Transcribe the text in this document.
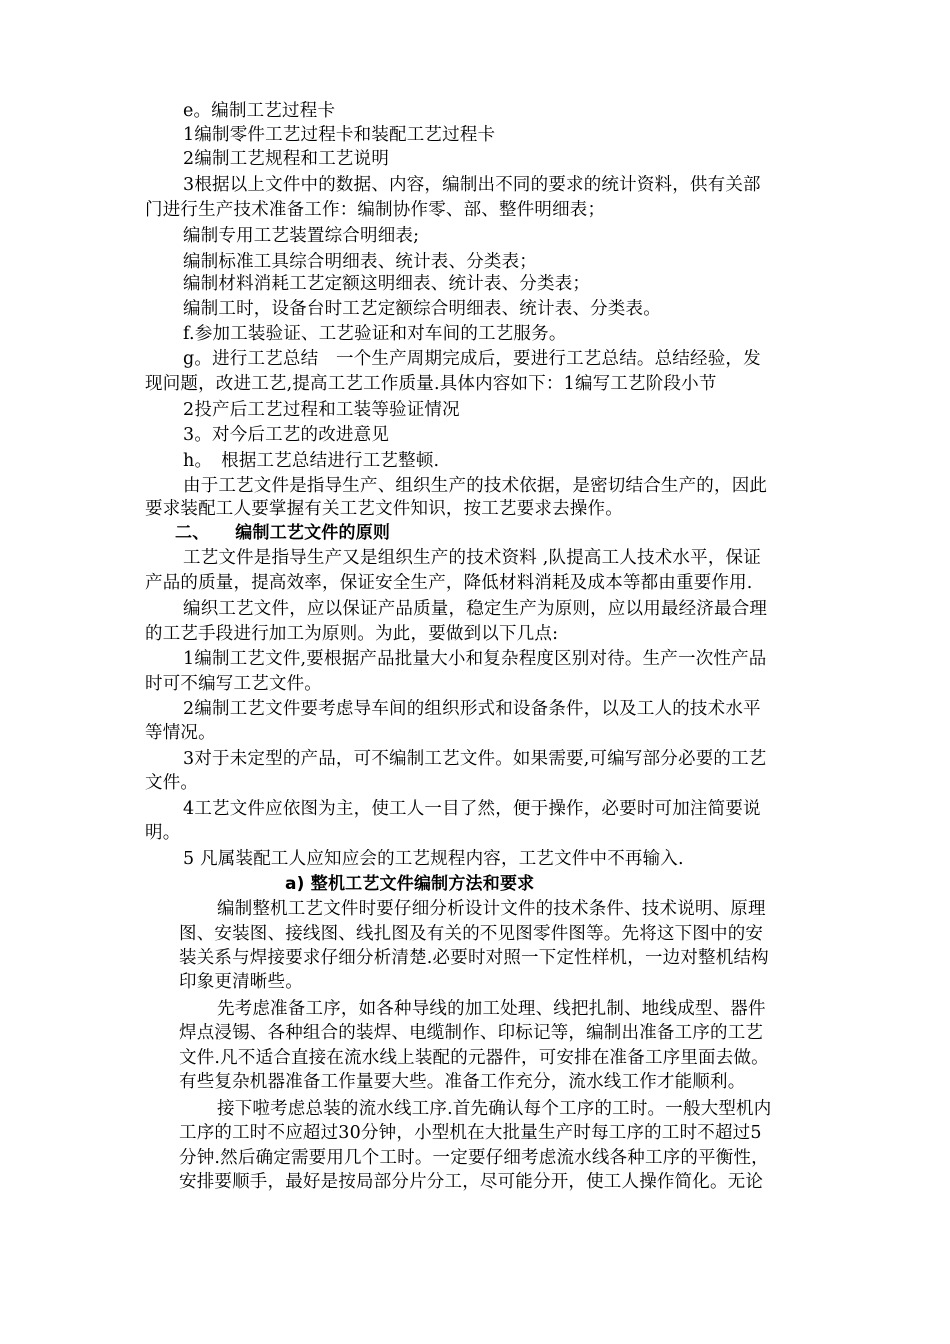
e。编制工艺过程卡
1编制零件工艺过程卡和装配工艺过程卡
2编制工艺规程和工艺说明
3根据以上文件中的数据、内容，编制出不同的要求的统计资料，供有关部
门进行生产技术准备工作：编制协作零、部、整件明细表；
编制专用工艺装置综合明细表;
编制标准工具综合明细表、统计表、分类表；
编制材料消耗工艺定额这明细表、统计表、分类表；
编制工时，设备台时工艺定额综合明细表、统计表、分类表。
f.参加工装验证、工艺验证和对车间的工艺服务。
g。进行工艺总结　一个生产周期完成后，要进行工艺总结。总结经验，发
现问题，改进工艺,提高工艺工作质量.具体内容如下：1编写工艺阶段小节
2投产后工艺过程和工装等验证情况
3。对今后工艺的改进意见
h。　根据工艺总结进行工艺整顿.
由于工艺文件是指导生产、组织生产的技术依据，是密切结合生产的，因此
要求装配工人要掌握有关工艺文件知识，按工艺要求去操作。
二、　　编制工艺文件的原则
工艺文件是指导生产又是组织生产的技术资料 ,队提高工人技术水平，保证
产品的质量，提高效率，保证安全生产，降低材料消耗及成本等都由重要作用.
编织工艺文件，应以保证产品质量，稳定生产为原则，应以用最经济最合理
的工艺手段进行加工为原则。为此，要做到以下几点:
1编制工艺文件,要根据产品批量大小和复杂程度区别对待。生产一次性产品
时可不编写工艺文件。
2编制工艺文件要考虑导车间的组织形式和设备条件，以及工人的技术水平
等情况。
3对于未定型的产品，可不编制工艺文件。如果需要,可编写部分必要的工艺
文件。
4工艺文件应依图为主，使工人一目了然，便于操作，必要时可加注简要说
明。
5 凡属装配工人应知应会的工艺规程内容，工艺文件中不再输入.
a) 整机工艺文件编制方法和要求
编制整机工艺文件时要仔细分析设计文件的技术条件、技术说明、原理
图、安装图、接线图、线扎图及有关的不见图零件图等。先将这下图中的安
装关系与焊接要求仔细分析清楚.必要时对照一下定性样机，一边对整机结构
印象更清晰些。
先考虑准备工序，如各种导线的加工处理、线把扎制、地线成型、器件
焊点浸锡、各种组合的装焊、电缆制作、印标记等，编制出准备工序的工艺
文件.凡不适合直接在流水线上装配的元器件，可安排在准备工序里面去做。
有些复杂机器准备工作量要大些。准备工作充分，流水线工作才能顺利。
接下啦考虑总装的流水线工序.首先确认每个工序的工时。一般大型机内
工序的工时不应超过30分钟，小型机在大批量生产时每工序的工时不超过5
分钟.然后确定需要用几个工时。一定要仔细考虑流水线各种工序的平衡性，
安排要顺手，最好是按局部分片分工，尽可能分开，使工人操作简化。无论
